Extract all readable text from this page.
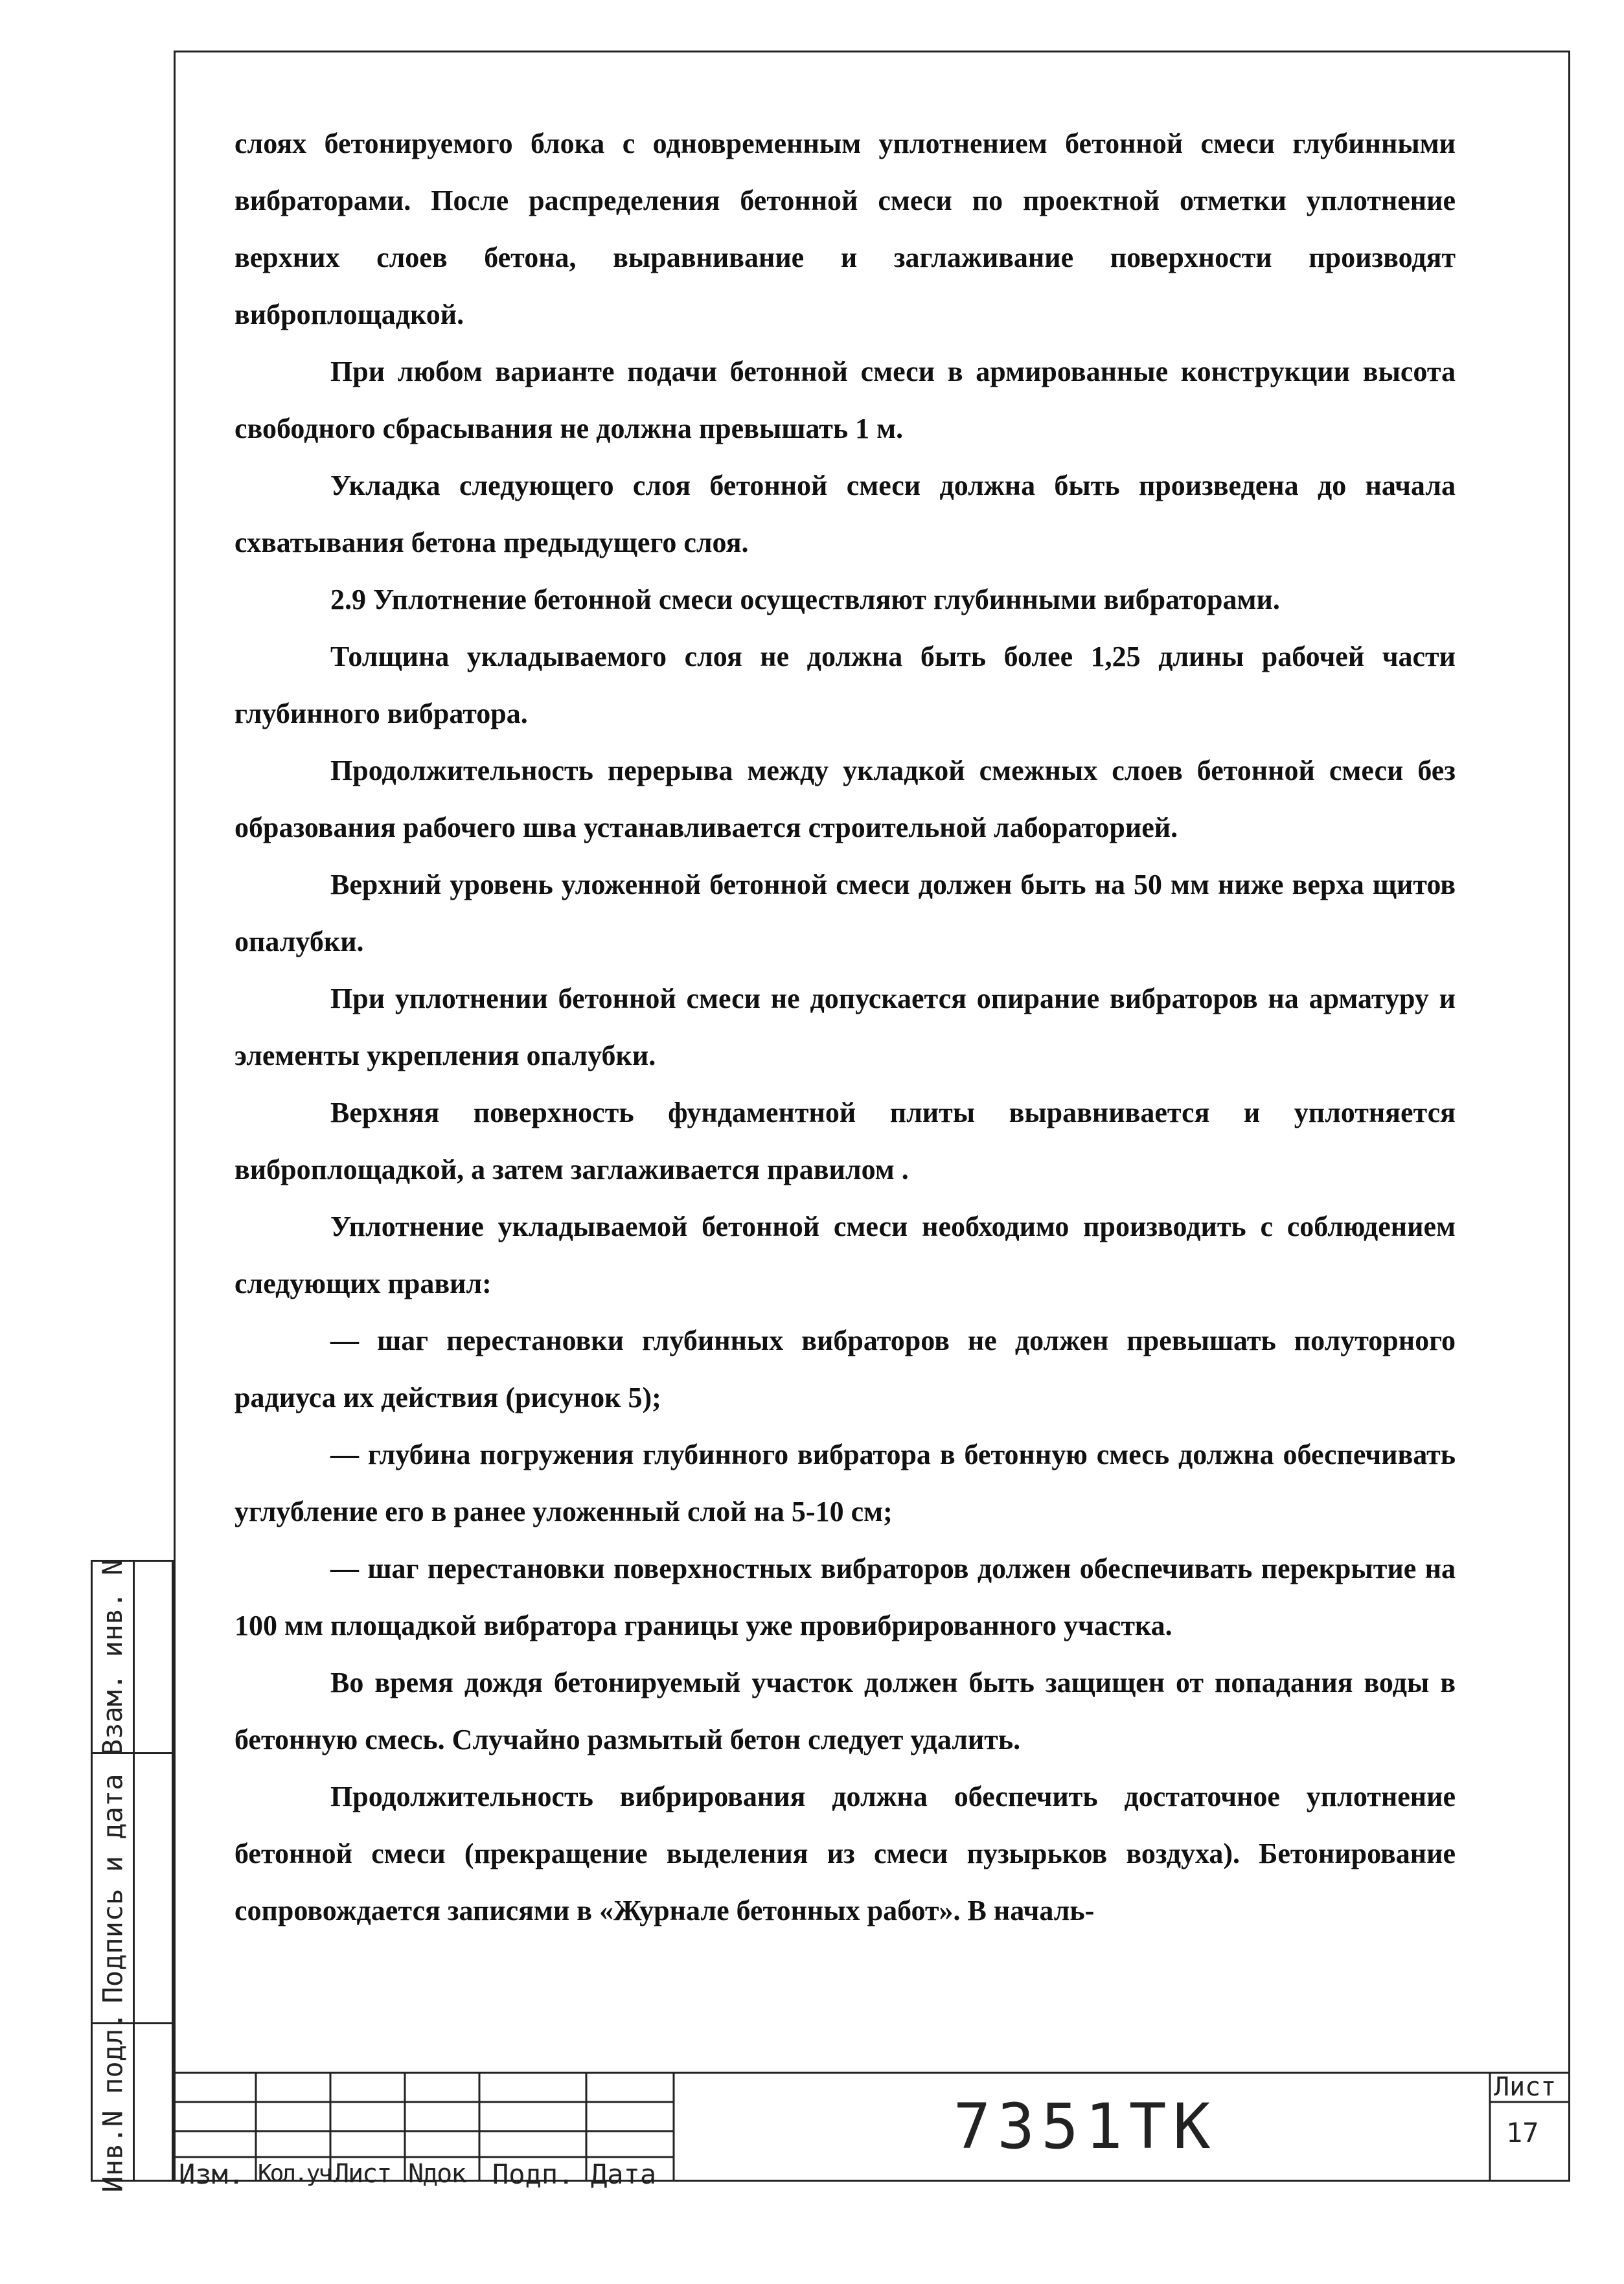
слоях бетонируемого блока с одновременным уплотнением бетонной смеси глубинными вибраторами. После распределения бетонной смеси по проектной отметки уплотнение верхних слоев бетона, выравнивание и заглаживание поверхности производят виброплощадкой.

При любом варианте подачи бетонной смеси в армированные конструкции высота свободного сбрасывания не должна превышать 1 м.

Укладка следующего слоя бетонной смеси должна быть произведена до начала схватывания бетона предыдущего слоя.

2.9 Уплотнение бетонной смеси осуществляют глубинными вибраторами.

Толщина укладываемого слоя не должна быть более 1,25 длины рабочей части глубинного вибратора.

Продолжительность перерыва между укладкой смежных слоев бетонной смеси без образования рабочего шва устанавливается строительной лабораторией.

Верхний уровень уложенной бетонной смеси должен быть на 50 мм ниже верха щитов опалубки.

При уплотнении бетонной смеси не допускается опирание вибраторов на арматуру и элементы укрепления опалубки.

Верхняя поверхность фундаментной плиты выравнивается и уплотняется виброплощадкой, а затем заглаживается правилом .

Уплотнение укладываемой бетонной смеси необходимо производить с соблюдением следующих правил:

— шаг перестановки глубинных вибраторов не должен превышать полуторного радиуса их действия (рисунок 5);

— глубина погружения глубинного вибратора в бетонную смесь должна обеспечивать углубление его в ранее уложенный слой на 5-10 см;

— шаг перестановки поверхностных вибраторов должен обеспечивать перекрытие на 100 мм площадкой вибратора границы уже провибрированного участка.

Во время дождя бетонируемый участок должен быть защищен от попадания воды в бетонную смесь. Случайно размытый бетон следует удалить.

Продолжительность вибрирования должна обеспечить достаточное уплотнение бетонной смеси (прекращение выделения из смеси пузырьков воздуха). Бетонирование сопровождается записями в «Журнале бетонных работ». В началь-

Взам. инв. N
Подпись и дата
Инв.N подл. Изм. Кол.уч.
Лист Nдок Подп. Дата
7351ТК
Лист
17
